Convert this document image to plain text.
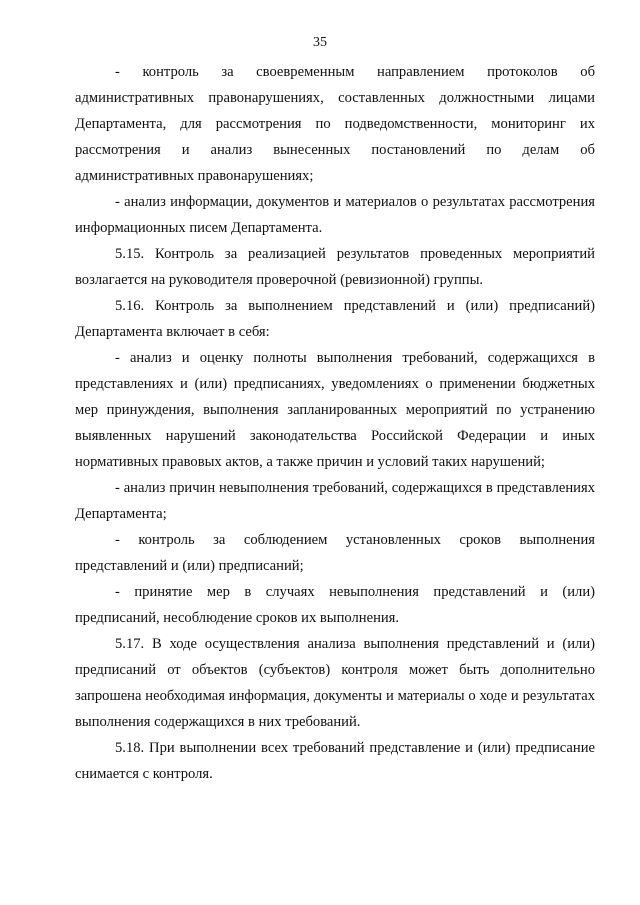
35

- контроль за своевременным направлением протоколов об административных правонарушениях, составленных должностными лицами Департамента, для рассмотрения по подведомственности, мониторинг их рассмотрения и анализ вынесенных постановлений по делам об административных правонарушениях;

- анализ информации, документов и материалов о результатах рассмотрения информационных писем Департамента.

5.15. Контроль за реализацией результатов проведенных мероприятий возлагается на руководителя проверочной (ревизионной) группы.

5.16. Контроль за выполнением представлений и (или) предписаний) Департамента включает в себя:

- анализ и оценку полноты выполнения требований, содержащихся в представлениях и (или) предписаниях, уведомлениях о применении бюджетных мер принуждения, выполнения запланированных мероприятий по устранению выявленных нарушений законодательства Российской Федерации и иных нормативных правовых актов, а также причин и условий таких нарушений;

- анализ причин невыполнения требований, содержащихся в представлениях Департамента;

- контроль за соблюдением установленных сроков выполнения представлений и (или) предписаний;

- принятие мер в случаях невыполнения представлений и (или) предписаний, несоблюдение сроков их выполнения.

5.17. В ходе осуществления анализа выполнения представлений и (или) предписаний от объектов (субъектов) контроля может быть дополнительно запрошена необходимая информация, документы и материалы о ходе и результатах выполнения содержащихся в них требований.

5.18. При выполнении всех требований представление и (или) предписание снимается с контроля.
